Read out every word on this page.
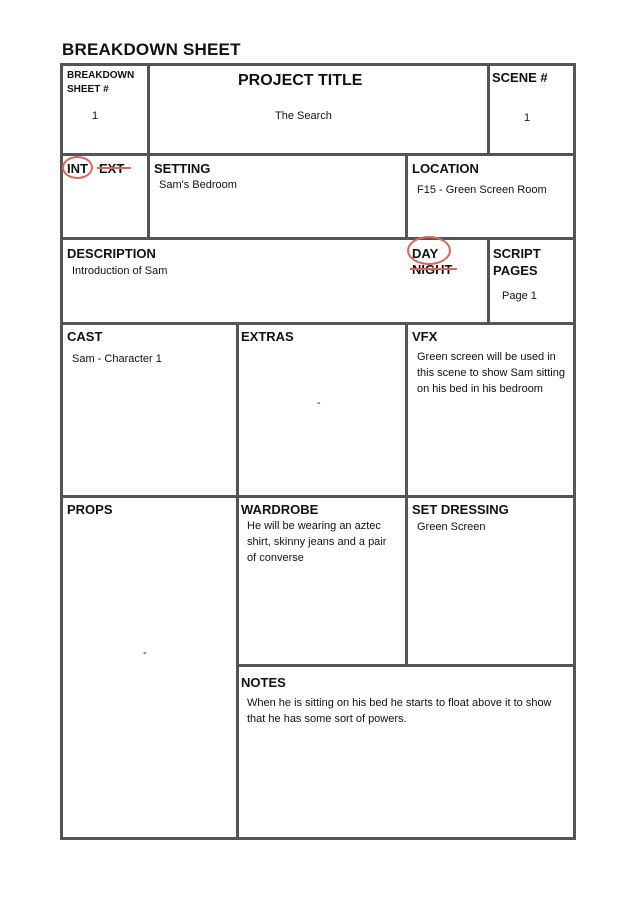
BREAKDOWN SHEET
BREAKDOWN SHEET #
1
PROJECT TITLE
The Search
SCENE #
1
INT	SETTING
Sam's Bedroom
LOCATION
F15 - Green Screen Room
DESCRIPTION
Introduction of Sam
DAY	SCRIPT PAGES
Page 1
CAST
Sam - Character 1
EXTRAS
-
VFX
Green screen will be used in this scene to show Sam sitting on his bed in his bedroom
PROPS
-
WARDROBE
He will be wearing an aztec shirt, skinny jeans and a pair of converse
SET DRESSING
Green Screen
NOTES
When he is sitting on his bed he starts to float above it to show that he has some sort of powers.
